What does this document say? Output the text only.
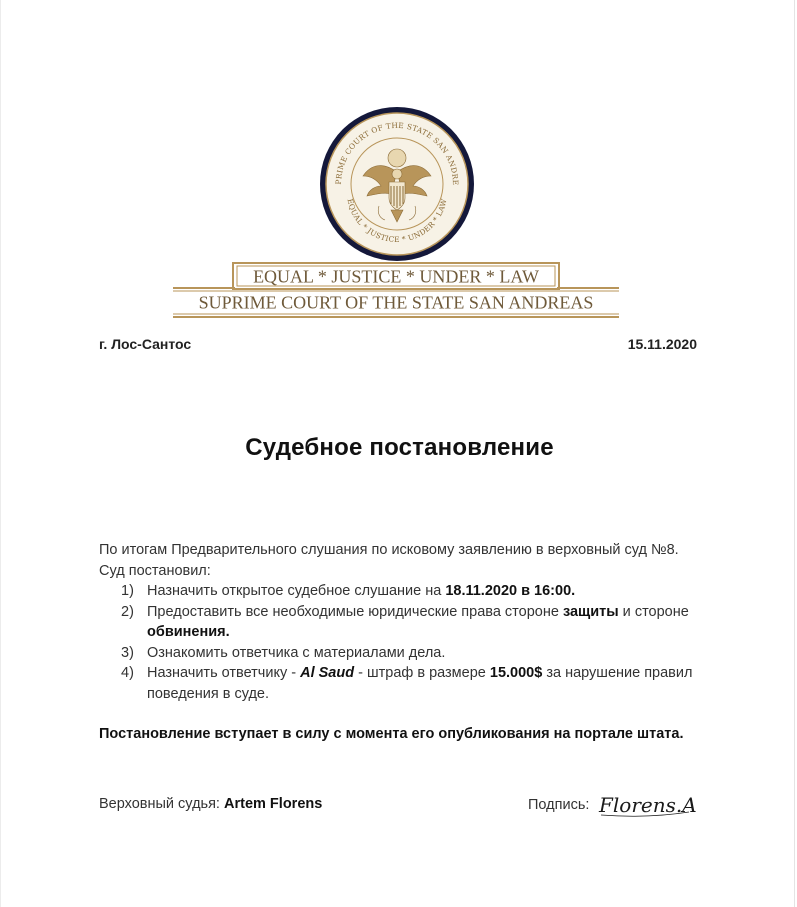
PRIME COURT OF THE STATE SAN ANDRE
EQUAL * JUSTICE * UNDER * LAW
EQUAL * JUSTICE * UNDER * LAW
SUPRIME COURT OF THE STATE SAN ANDREAS
г. Лос-Сантос	15.11.2020
Судебное постановление

По итогам Предварительного слушания по исковому заявлению в верховный суд №8. Суд постановил:

1) Назначить открытое судебное слушание на 18.11.2020 в 16:00.
2) Предоставить все необходимые юридические права стороне защиты и стороне обвинения.
3) Ознакомить ответчика с материалами дела.
4) Назначить ответчику - Al Saud - штраф в размере 15.000$ за нарушение правил поведения в суде.
Постановление вступает в силу с момента его опубликования на портале штата.
Верховный судья: Artem Florens	Подпись: Florens.A
